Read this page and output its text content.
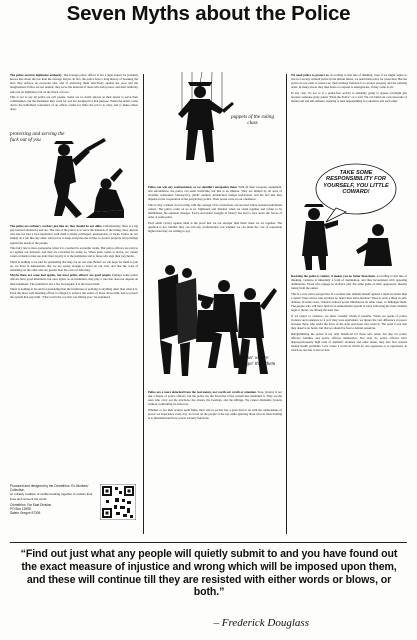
Seven Myths about the Police

The police exercise legitimate authority. The average police officer is not a legal expert; he probably knows less about the law than the average lawyer. In fact, the police have a long history of breaking the laws they enforce on everyone else, and of enforcing them selectively against the poor and the marginalized. Police are not neutral; they serve the interests of those who hold power, and their authority rests not on legitimacy but on the threat of force.

This is not to say all police are evil people. Some are no doubt sincere in their desire to serve their communities, but the institution they work for was not designed for that purpose. When the orders come down, the individual conscience of an officer counts for little; the job is to obey, and to make others obey.

protecting and serving the fuck out of you

The police are ordinary workers just like us; they should be our allies. Unfortunately, there is a big gap between should be and are. The role of the police is to serve the interests of the ruling class; anyone who has not had a bad experience with them is likely privileged, unobservant, or lucky. Police do not simply do a job like any other: their job is to keep everyone else in line, to protect property and privilege against the needs of the people.

This fairy tale is more persuasive when it is couched in economic terms. But police officers are paid to act against our interests, and they are rewarded for doing so. When push comes to shove, we cannot count on them to take our side; their loyalty is to the institution and to those who sign their paychecks.

There is nothing to be said for pretending that they are on our side. Before we can hope for them to join us, we have to demonstrate that we are strong enough to stand on our own, and that the costs of remaining on the other side are greater than the costs of defecting.

Maybe there are some bad apples, but most police officers are good people. Perhaps some police officers have good intentions, but once again, as an institution, they play a role that does not depend on their intentions. The problem is not a few bad apples; it is the barrel itself.

There is nothing to be said for pretending that the institution of policing is anything other than what it is. Even the most well-meaning officer is obliged to enforce the orders of those above him, and to protect the system that pays him. "That wasn't the cop that was hitting you," he explained.

Produced and designed by the CrimethInc. Ex-Workers' Collective,
an unlikely coalition of misfits banding together to reclaim their lives and reinvent the world.
CrimethInc. Far East Division
PO Box 13998
Salem Oregon 97309
puppets of the ruling class

Police can win any confrontation, so we shouldn't antagonize them. With all their weapons, equipment, and surveillance, the police can seem invincible, but this is an illusion. They are limited by all sorts of invisible constraints: bureaucracy, public opinion, jurisdiction, budget restrictions, and the fact that they depend on the cooperation of the people they police. Their power rests on our obedience.

This is why a united crowd acting with the courage of its convictions can succeed where isolated individuals cannot. The police count on us to be frightened and divided; when we stand together and refuse to be intimidated, the equation changes. Every successful struggle in history has had to face down the forces of order at some point.

Each small victory against them is the proof that we are stronger than them when we act together. The question is not whether they can win any confrontation, but whether we can make the cost of repression higher than they are willing to pay.

together we are stronger than them

Police are a more detached from the real enemy, not worth our wrath or attention. Sure, tyranny is not just a matter of police officers, but the police are the front line of the system that maintains it. They are the ones who carry out the evictions, the arrests, the beatings, and the killings. We cannot dismantle tyranny without confronting its enforcers.

Whether or not their actions seem futile, their role in society has a great deal to do with the relationships of power we experience every day. To focus on the people at the top while ignoring those who do their bidding is to misunderstand how power actually functions.

We need police to protect us. According to this line of thinking, even if we might aspire to live in a society without police in the distant future, we need them today for protection. But the police do not exist to protect us; their primary function is to protect property and the existing order. In many places they take hours to respond to emergencies, if they come at all.

In any case, it's not as if a police-free society is suddenly going to appear overnight just because someone spray paints "Fuck the Police" on a wall. We can build our own networks of mutual aid and self-defense, learning to take responsibility for ourselves and each other.

TAKE SOME RESPONSIBILITY FOR YOURSELF, YOU LITTLE COWARD!

Resisting the police is violent; it makes you no better than them. According to this line of thinking, violence is inherently a form of domination, and thus inconsistent with opposing domination. Those who engage in violence play the same game as their oppressors, thereby losing from the outset.

This is a very naive perspective. Is a woman who defends herself against a rapist no better than a rapist? Were slaves who revolted no better than slave-holders? There is such a thing as self-defense. In some cases, violence reduces power imbalances. In other cases, it challenges them. The people who will have faith in an authoritarian system in total, following the rules whether legal or moral, are among the least free.

If we object to violence, we must consider whom it benefits. When we speak of police violence and resistance to it as if they were equivalent, we ignore the vast difference in power between those who wield the force of the state and those who resist it. The point is not that they deserve no better, but that we should be free to defend ourselves.

Delegitimizing the police is not only beneficial for those who resist, but also for police officers' families and police officers themselves. Not only do police officers have disproportionately high rates of domestic violence and other abuse, they also face serious mental health problems. Let's create a world in which no one oppresses or is oppressed, in which no one has to live in fear.

“Find out just what any people will quietly submit to and you have found out the exact measure of injustice and wrong which will be imposed upon them, and these will continue till they are resisted with either words or blows, or both.”
– Frederick Douglass
